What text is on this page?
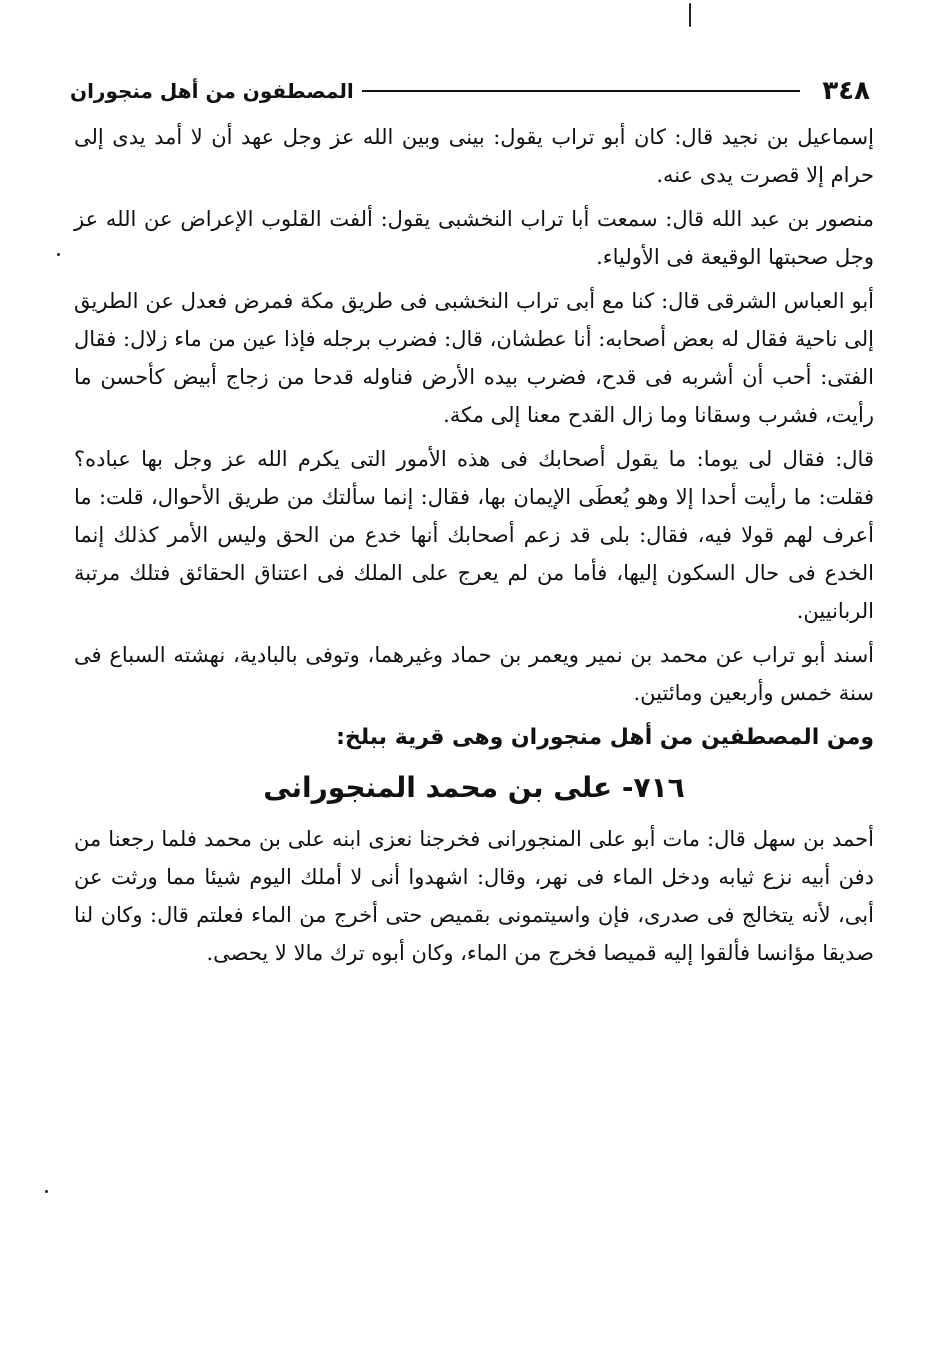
٣٤٨
المصطفون من أهل منجوران

إسماعيل بن نجيد قال: كان أبو تراب يقول: بينى وبين الله عز وجل عهد أن لا أمد يدى إلى حرام إلا قصرت يدى عنه.

منصور بن عبد الله قال: سمعت أبا تراب النخشبى يقول: ألفت القلوب الإعراض عن الله عز وجل صحبتها الوقيعة فى الأولياء.

أبو العباس الشرقى قال: كنا مع أبى تراب النخشبى فى طريق مكة فمرض فعدل عن الطريق إلى ناحية فقال له بعض أصحابه: أنا عطشان، قال: فضرب برجله فإذا عين من ماء زلال: فقال الفتى: أحب أن أشربه فى قدح، فضرب بيده الأرض فناوله قدحا من زجاج أبيض كأحسن ما رأيت، فشرب وسقانا وما زال القدح معنا إلى مكة.

قال: فقال لى يوما: ما يقول أصحابك فى هذه الأمور التى يكرم الله عز وجل بها عباده؟ فقلت: ما رأيت أحدا إلا وهو يُعطَى الإيمان بها، فقال: إنما سألتك من طريق الأحوال، قلت: ما أعرف لهم قولا فيه، فقال: بلى قد زعم أصحابك أنها خدع من الحق وليس الأمر كذلك إنما الخدع فى حال السكون إليها، فأما من لم يعرج على الملك فى اعتناق الحقائق فتلك مرتبة الربانيين.

أسند أبو تراب عن محمد بن نمير ويعمر بن حماد وغيرهما، وتوفى بالبادية، نهشته السباع فى سنة خمس وأربعين ومائتين.

ومن المصطفين من أهل منجوران وهى قرية ببلخ:
٧١٦- على بن محمد المنجورانى

أحمد بن سهل قال: مات أبو على المنجورانى فخرجنا نعزى ابنه على بن محمد فلما رجعنا من دفن أبيه نزع ثيابه ودخل الماء فى نهر، وقال: اشهدوا أنى لا أملك اليوم شيئا مما ورثت عن أبى، لأنه يتخالج فى صدرى، فإن واسيتمونى بقميص حتى أخرج من الماء فعلتم قال: وكان لنا صديقا مؤانسا فألقوا إليه قميصا فخرج من الماء، وكان أبوه ترك مالا لا يحصى.
